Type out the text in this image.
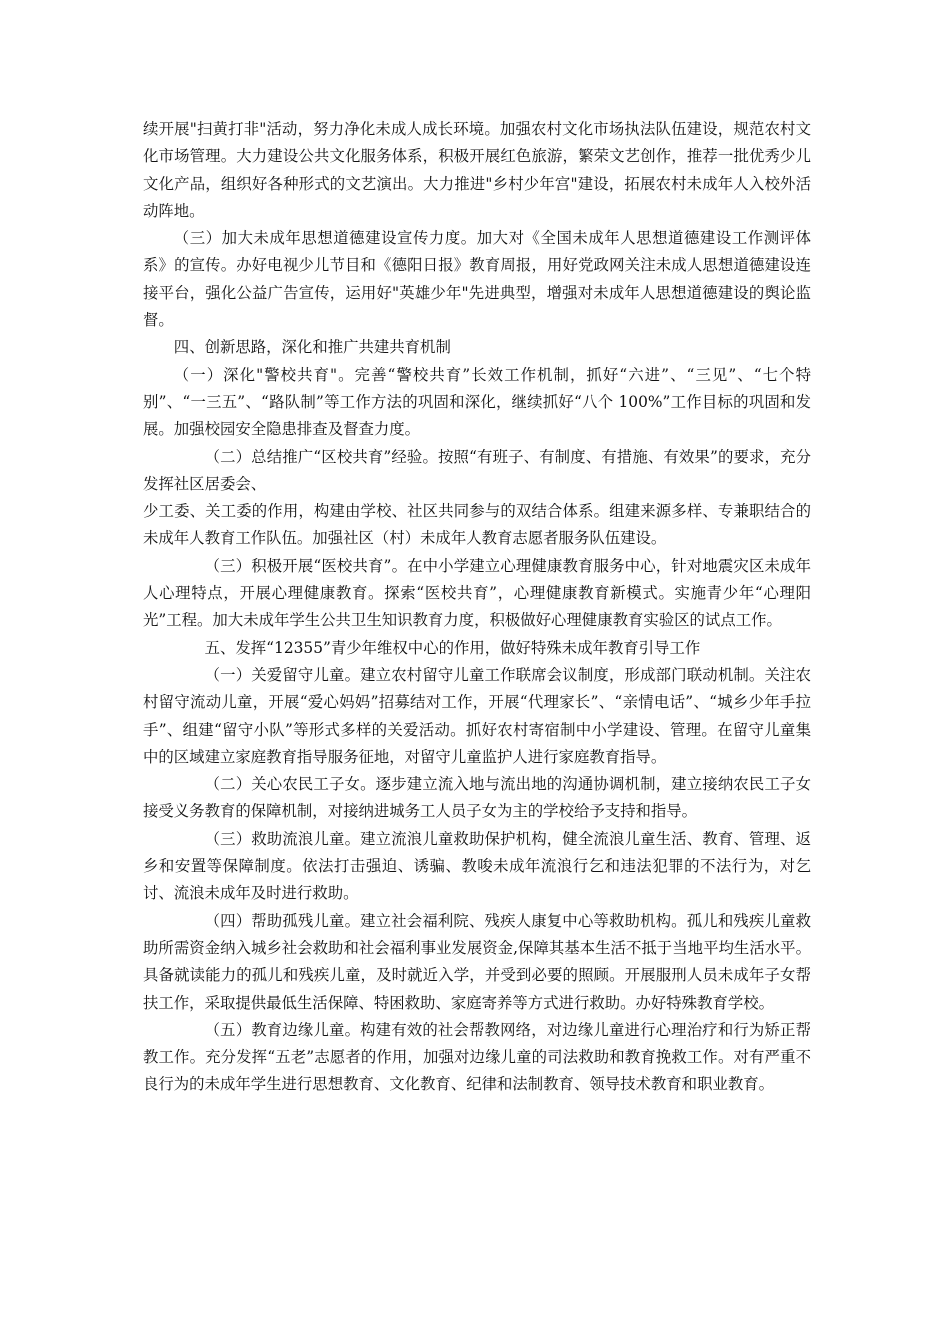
续开展"扫黄打非"活动，努力净化未成人成长环境。加强农村文化市场执法队伍建设，规范农村文化市场管理。大力建设公共文化服务体系，积极开展红色旅游，繁荣文艺创作，推荐一批优秀少儿文化产品，组织好各种形式的文艺演出。大力推进"乡村少年宫"建设，拓展农村未成年人入校外活动阵地。

（三）加大未成年思想道德建设宣传力度。加大对《全国未成年人思想道德建设工作测评体系》的宣传。办好电视少儿节目和《德阳日报》教育周报，用好党政网关注未成人思想道德建设连接平台，强化公益广告宣传，运用好"英雄少年"先进典型，增强对未成年人思想道德建设的舆论监督。

四、创新思路，深化和推广共建共育机制

（一）深化"警校共育"。完善“警校共育”长效工作机制，抓好“六进”、“三见”、“七个特别”、“一三五”、“路队制”等工作方法的巩固和深化，继续抓好“八个 100%”工作目标的巩固和发展。加强校园安全隐患排查及督查力度。

（二）总结推广“区校共育”经验。按照“有班子、有制度、有措施、有效果”的要求，充分发挥社区居委会、

少工委、关工委的作用，构建由学校、社区共同参与的双结合体系。组建来源多样、专兼职结合的未成年人教育工作队伍。加强社区（村）未成年人教育志愿者服务队伍建设。

（三）积极开展“医校共育”。在中小学建立心理健康教育服务中心，针对地震灾区未成年人心理特点，开展心理健康教育。探索“医校共育”，心理健康教育新模式。实施青少年“心理阳光”工程。加大未成年学生公共卫生知识教育力度，积极做好心理健康教育实验区的试点工作。

五、发挥“12355”青少年维权中心的作用，做好特殊未成年教育引导工作

（一）关爱留守儿童。建立农村留守儿童工作联席会议制度，形成部门联动机制。关注农村留守流动儿童，开展“爱心妈妈”招募结对工作，开展“代理家长”、“亲情电话”、“城乡少年手拉手”、组建“留守小队”等形式多样的关爱活动。抓好农村寄宿制中小学建设、管理。在留守儿童集中的区域建立家庭教育指导服务征地，对留守儿童监护人进行家庭教育指导。

（二）关心农民工子女。逐步建立流入地与流出地的沟通协调机制，建立接纳农民工子女接受义务教育的保障机制，对接纳进城务工人员子女为主的学校给予支持和指导。

（三）救助流浪儿童。建立流浪儿童救助保护机构，健全流浪儿童生活、教育、管理、返乡和安置等保障制度。依法打击强迫、诱骗、教唆未成年流浪行乞和违法犯罪的不法行为，对乞讨、流浪未成年及时进行救助。

（四）帮助孤残儿童。建立社会福利院、残疾人康复中心等救助机构。孤儿和残疾儿童救助所需资金纳入城乡社会救助和社会福利事业发展资金,保障其基本生活不抵于当地平均生活水平。具备就读能力的孤儿和残疾儿童，及时就近入学，并受到必要的照顾。开展服刑人员未成年子女帮扶工作，采取提供最低生活保障、特困救助、家庭寄养等方式进行救助。办好特殊教育学校。

（五）教育边缘儿童。构建有效的社会帮教网络，对边缘儿童进行心理治疗和行为矫正帮教工作。充分发挥“五老”志愿者的作用，加强对边缘儿童的司法救助和教育挽救工作。对有严重不良行为的未成年学生进行思想教育、文化教育、纪律和法制教育、领导技术教育和职业教育。
